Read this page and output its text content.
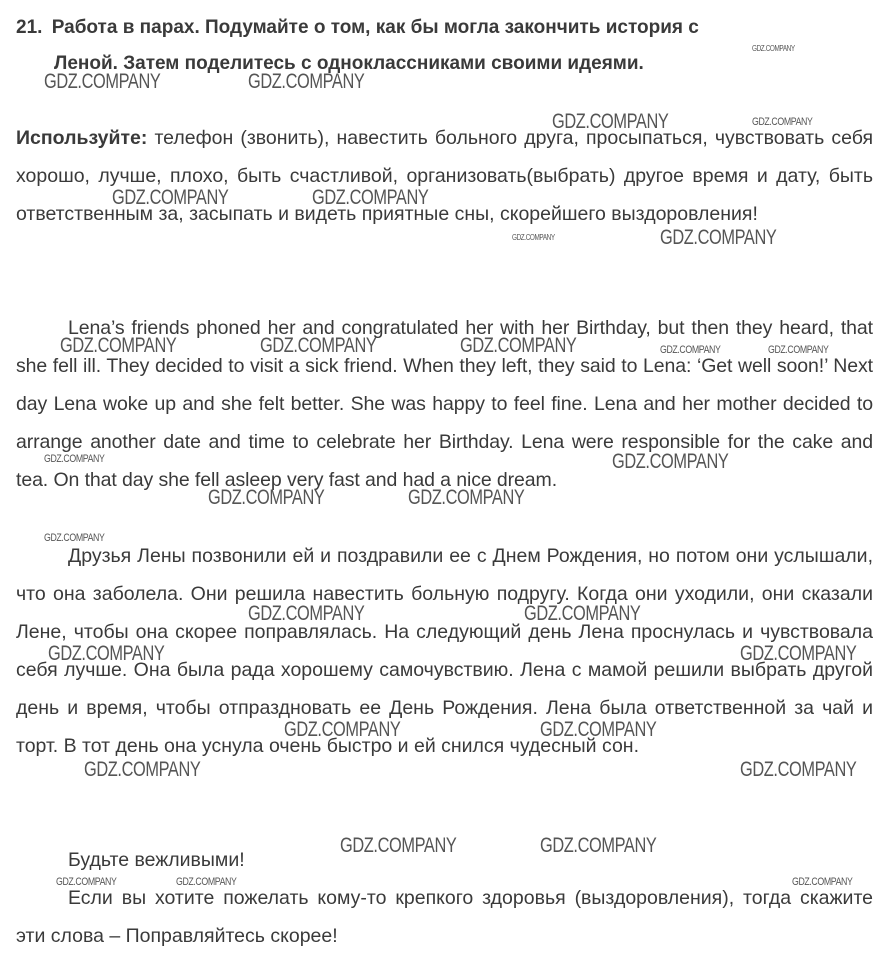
21. Работа в парах. Подумайте о том, как бы могла закончить история с
Леной. Затем поделитесь с одноклассниками своими идеями.
Используйте: телефон (звонить), навестить больного друга, просыпаться, чувствовать себя хорошо, лучше, плохо, быть счастливой, организовать(выбрать) другое время и дату, быть ответственным за, засыпать и видеть приятные сны, скорейшего выздоровления!
Lena’s friends phoned her and congratulated her with her Birthday, but then they heard, that she fell ill. They decided to visit a sick friend. When they left, they said to Lena: ‘Get well soon!’ Next day Lena woke up and she felt better. She was happy to feel fine. Lena and her mother decided to arrange another date and time to celebrate her Birthday. Lena were responsible for the cake and tea. On that day she fell asleep very fast and had a nice dream.
Друзья Лены позвонили ей и поздравили ее с Днем Рождения, но потом они услышали, что она заболела. Они решила навестить больную подругу. Когда они уходили, они сказали Лене, чтобы она скорее поправлялась. На следующий день Лена проснулась и чувствовала себя лучше. Она была рада хорошему самочувствию. Лена с мамой решили выбрать другой день и время, чтобы отпраздновать ее День Рождения. Лена была ответственной за чай и торт. В тот день она уснула очень быстро и ей снился чудесный сон.
Будьте вежливыми!
Если вы хотите пожелать кому-то крепкого здоровья (выздоровления), тогда скажите эти слова – Поправляйтесь скорее!
GDZ.COMPANY
GDZ.COMPANY	GDZ.COMPANY
GDZ.COMPANY	GDZ.COMPANY
GDZ.COMPANY	GDZ.COMPANY
GDZ.COMPANY	GDZ.COMPANY
GDZ.COMPANY	GDZ.COMPANY	GDZ.COMPANY	GDZ.COMPANY	GDZ.COMPANY
GDZ.COMPANY	GDZ.COMPANY
GDZ.COMPANY	GDZ.COMPANY
GDZ.COMPANY
GDZ.COMPANY	GDZ.COMPANY
GDZ.COMPANY	GDZ.COMPANY
GDZ.COMPANY	GDZ.COMPANY
GDZ.COMPANY	GDZ.COMPANY
GDZ.COMPANY	GDZ.COMPANY
GDZ.COMPANY	GDZ.COMPANY	GDZ.COMPANY
